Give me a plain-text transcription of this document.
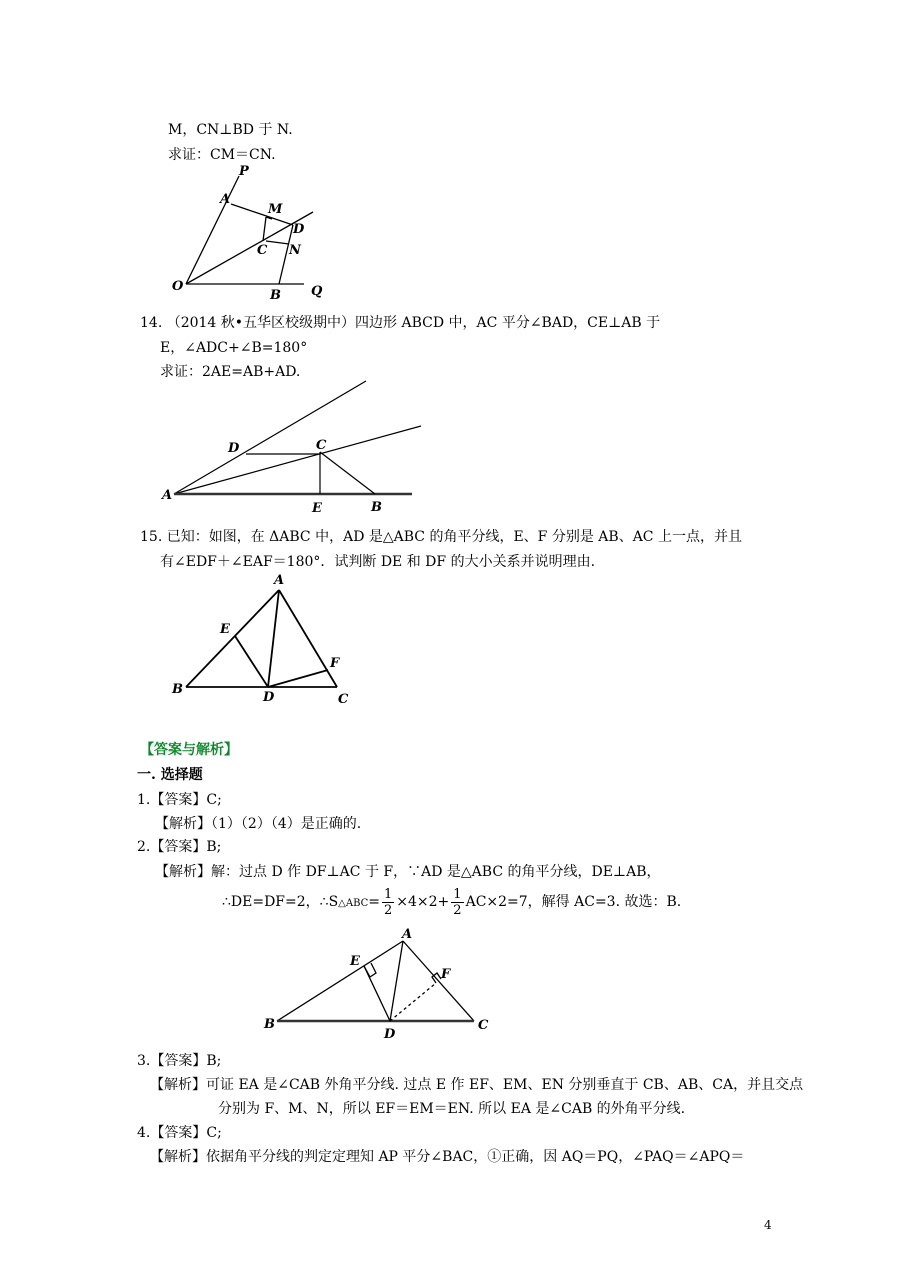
M，CN⊥BD 于 N.
求证：CM＝CN.
P
A
M
D
C N
O
B Q
14. （2014 秋•五华区校级期中）四边形 ABCD 中，AC 平分∠BAD，CE⊥AB 于
E，∠ADC+∠B=180°
求证：2AE=AB+AD.
D	C
A
E	B
15. 已知：如图，在 ΔABC 中，AD 是△ABC 的角平分线，E、F 分别是 AB、AC 上一点，并且
有∠EDF＋∠EAF＝180°．试判断 DE 和 DF 的大小关系并说明理由.
A
E
F
B
D	C
【答案与解析】
一. 选择题
1.【答案】C;
【解析】（1）（2）（4）是正确的.
2.【答案】B;
【解析】解：过点 D 作 DF⊥AC 于 F，∵AD 是△ABC 的角平分线，DE⊥AB，
∴DE=DF=2，∴S△ABC= $\frac{1}{2} \times 4\times 2+ \frac{1}{2} AC\times 2=7$，解得 AC=3. 故选：B.
A
E
F
B
D
C
3.【答案】B;
【解析】可证 EA 是∠CAB 外角平分线. 过点 E 作 EF、EM、EN 分别垂直于 CB、AB、CA，并且交点
分别为 F、M、N，所以 EF＝EM＝EN. 所以 EA 是∠CAB 的外角平分线.
4.【答案】C;
【解析】依据角平分线的判定定理知 AP 平分∠BAC，①正确，因 AQ＝PQ，∠PAQ＝∠APQ＝
4
